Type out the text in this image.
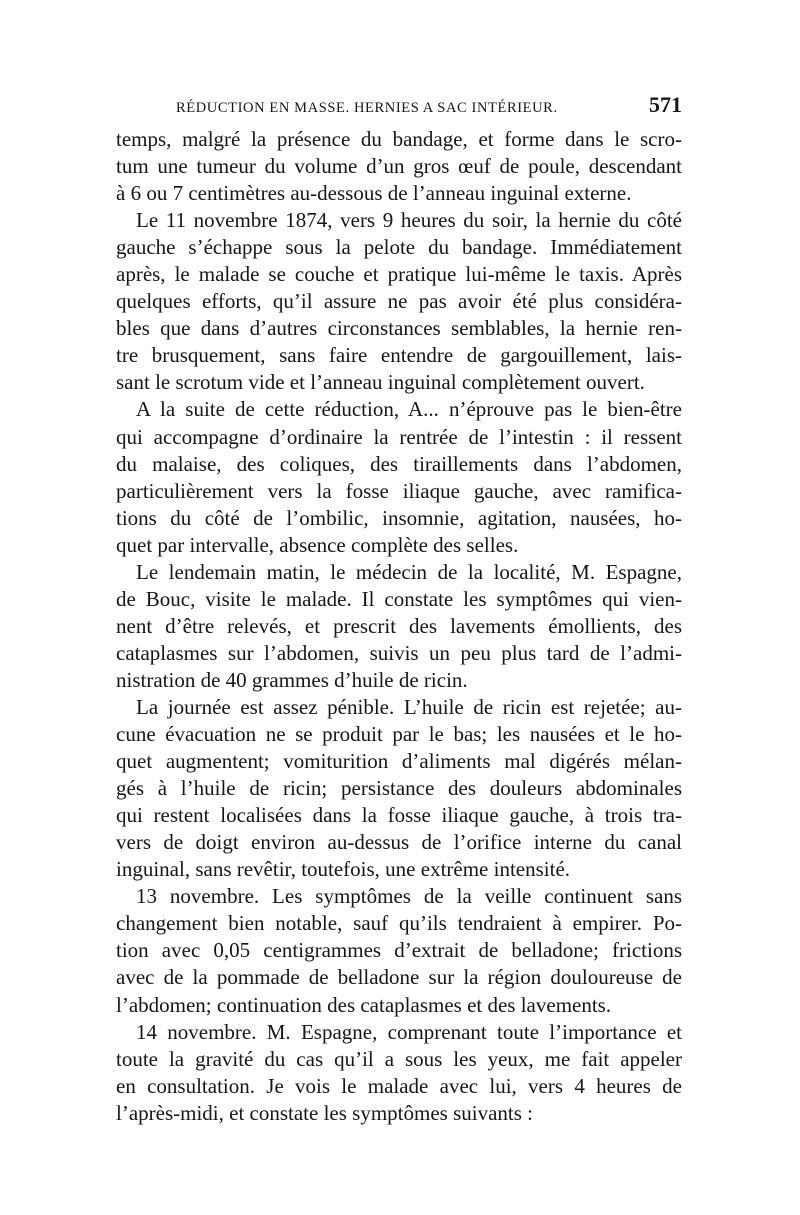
RÉDUCTION EN MASSE. HERNIES A SAC INTÉRIEUR.	571
temps, malgré la présence du bandage, et forme dans le scro-
tum une tumeur du volume d’un gros œuf de poule, descendant
à 6 ou 7 centimètres au-dessous de l’anneau inguinal externe.
Le 11 novembre 1874, vers 9 heures du soir, la hernie du côté
gauche s’échappe sous la pelote du bandage. Immédiatement
après, le malade se couche et pratique lui-même le taxis. Après
quelques efforts, qu’il assure ne pas avoir été plus considéra-
bles que dans d’autres circonstances semblables, la hernie ren-
tre brusquement, sans faire entendre de gargouillement, lais-
sant le scrotum vide et l’anneau inguinal complètement ouvert.
A la suite de cette réduction, A... n’éprouve pas le bien-être
qui accompagne d’ordinaire la rentrée de l’intestin : il ressent
du malaise, des coliques, des tiraillements dans l’abdomen,
particulièrement vers la fosse iliaque gauche, avec ramifica-
tions du côté de l’ombilic, insomnie, agitation, nausées, ho-
quet par intervalle, absence complète des selles.
Le lendemain matin, le médecin de la localité, M. Espagne,
de Bouc, visite le malade. Il constate les symptômes qui vien-
nent d’être relevés, et prescrit des lavements émollients, des
cataplasmes sur l’abdomen, suivis un peu plus tard de l’admi-
nistration de 40 grammes d’huile de ricin.
La journée est assez pénible. L’huile de ricin est rejetée; au-
cune évacuation ne se produit par le bas; les nausées et le ho-
quet augmentent; vomiturition d’aliments mal digérés mélan-
gés à l’huile de ricin; persistance des douleurs abdominales
qui restent localisées dans la fosse iliaque gauche, à trois tra-
vers de doigt environ au-dessus de l’orifice interne du canal
inguinal, sans revêtir, toutefois, une extrême intensité.
13 novembre. Les symptômes de la veille continuent sans
changement bien notable, sauf qu’ils tendraient à empirer. Po-
tion avec 0,05 centigrammes d’extrait de belladone; frictions
avec de la pommade de belladone sur la région douloureuse de
l’abdomen; continuation des cataplasmes et des lavements.
14 novembre. M. Espagne, comprenant toute l’importance et
toute la gravité du cas qu’il a sous les yeux, me fait appeler
en consultation. Je vois le malade avec lui, vers 4 heures de
l’après-midi, et constate les symptômes suivants :
